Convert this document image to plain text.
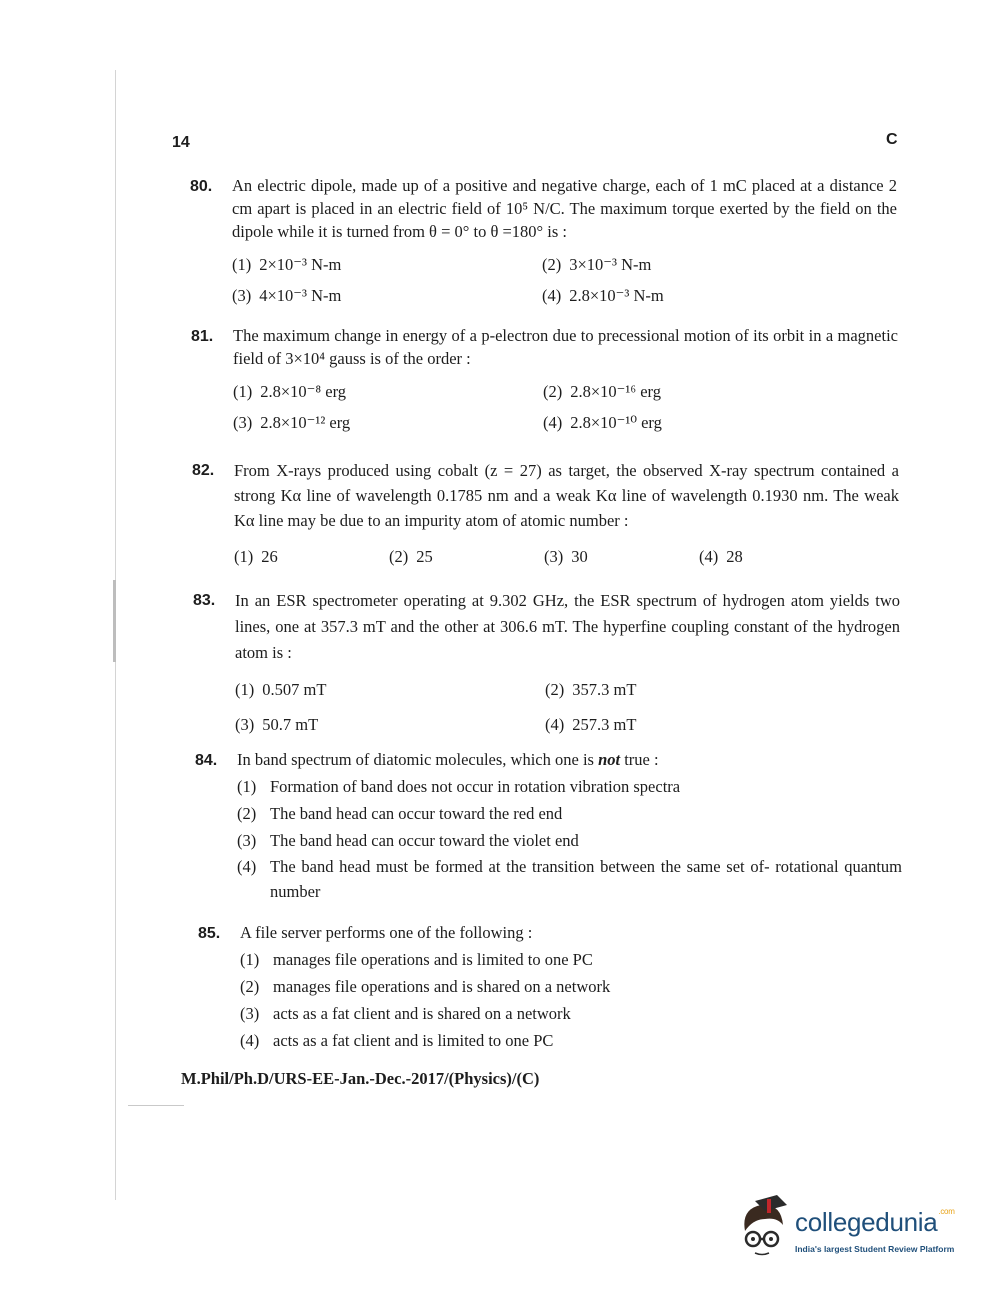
14	C
80. An electric dipole, made up of a positive and negative charge, each of 1 mC placed at a distance 2 cm apart is placed in an electric field of 10⁵ N/C. The maximum torque exerted by the field on the dipole while it is turned from θ = 0° to θ =180° is :

(1) 2×10⁻³ N-m	(2) 3×10⁻³ N-m
(3) 4×10⁻³ N-m	(4) 2.8×10⁻³ N-m
81. The maximum change in energy of a p-electron due to precessional motion of its orbit in a magnetic field of 3×10⁴ gauss is of the order :

(1) 2.8×10⁻⁸ erg	(2) 2.8×10⁻¹⁶ erg
(3) 2.8×10⁻¹² erg	(4) 2.8×10⁻¹⁰ erg
82. From X-rays produced using cobalt (z = 27) as target, the observed X-ray spectrum contained a strong Kα line of wavelength 0.1785 nm and a weak Kα line of wavelength 0.1930 nm. The weak Kα line may be due to an impurity atom of atomic number :

(1) 26	(2) 25	(3) 30	(4) 28
83. In an ESR spectrometer operating at 9.302 GHz, the ESR spectrum of hydrogen atom yields two lines, one at 357.3 mT and the other at 306.6 mT. The hyperfine coupling constant of the hydrogen atom is :

(1) 0.507 mT	(2) 357.3 mT
(3) 50.7 mT	(4) 257.3 mT
84. In band spectrum of diatomic molecules, which one is not true :

(1) Formation of band does not occur in rotation vibration spectra
(2) The band head can occur toward the red end
(3) The band head can occur toward the violet end
(4) The band head must be formed at the transition between the same set of- rotational quantum number
85. A file server performs one of the following :

(1) manages file operations and is limited to one PC
(2) manages file operations and is shared on a network
(3) acts as a fat client and is shared on a network
(4) acts as a fat client and is limited to one PC
M.Phil/Ph.D/URS-EE-Jan.-Dec.-2017/(Physics)/(C)
collegedunia$^{.com}$
India's largest Student Review Platform
